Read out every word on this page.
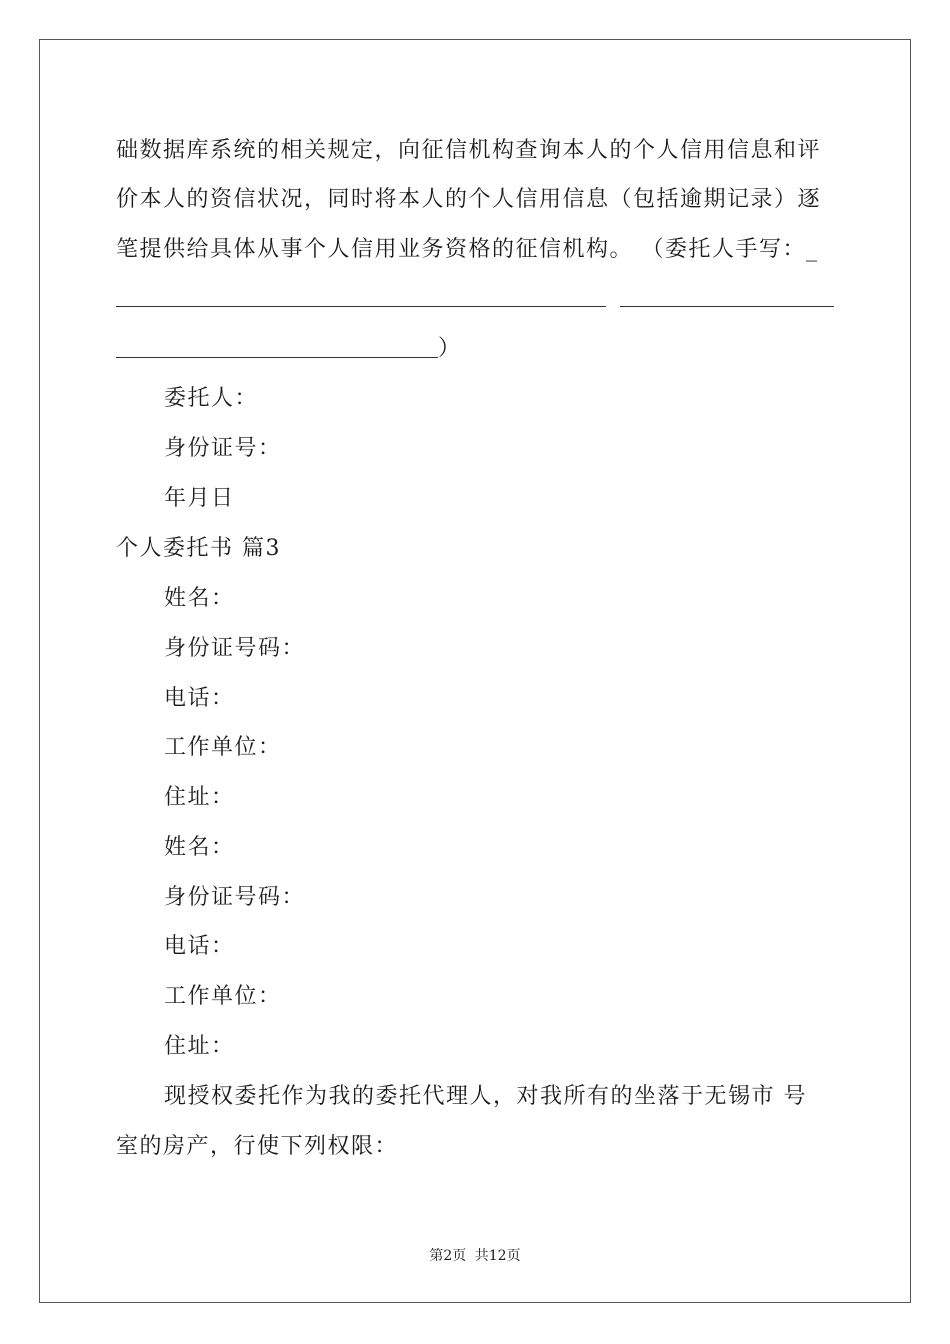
础数据库系统的相关规定，向征信机构查询本人的个人信用信息和评
价本人的资信状况，同时将本人的个人信用信息（包括逾期记录）逐
笔提供给具体从事个人信用业务资格的征信机构。 （委托人手写：_
）
委托人：
身份证号：
年月日
个人委托书 篇3
姓名：
身份证号码：
电话：
工作单位：
住址：
姓名：
身份证号码：
电话：
工作单位：
住址：
现授权委托作为我的委托代理人，对我所有的坐落于无锡市 号
室的房产，行使下列权限：
第2页 共12页
